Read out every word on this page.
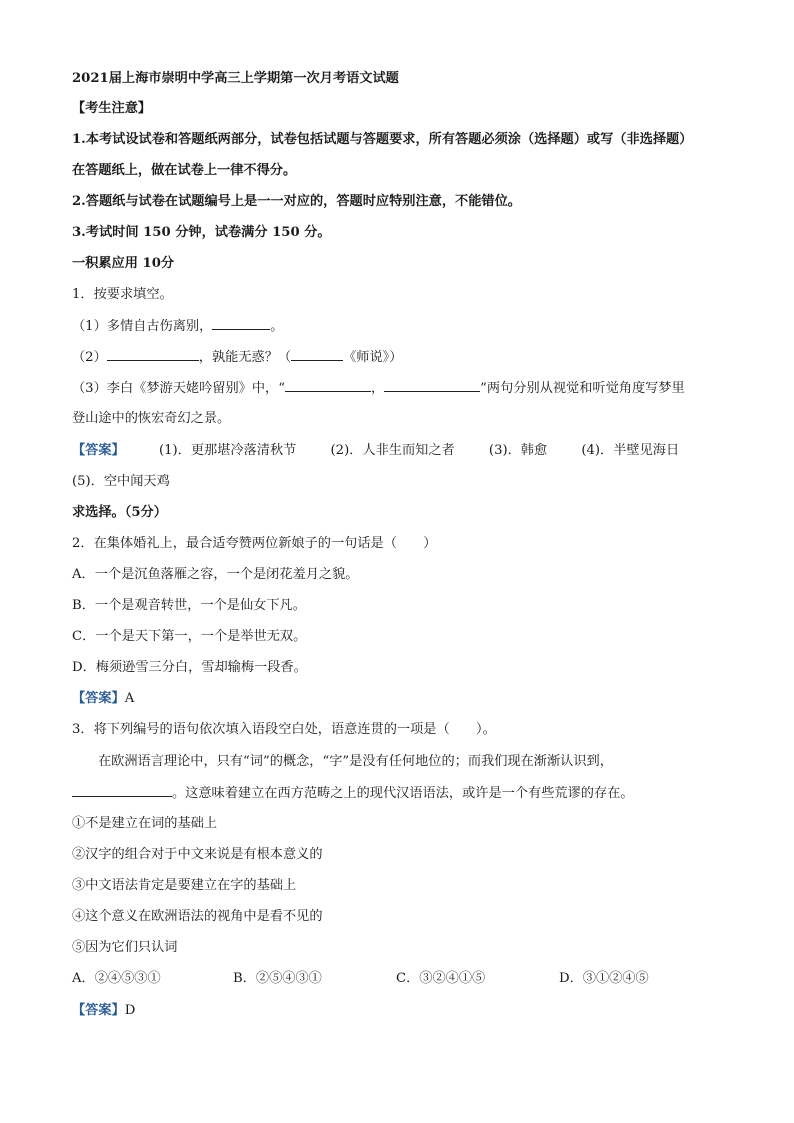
2021届上海市崇明中学高三上学期第一次月考语文试题
【考生注意】
1.本考试设试卷和答题纸两部分，试卷包括试题与答题要求，所有答题必须涂（选择题）或写（非选择题）
在答题纸上，做在试卷上一律不得分。
2.答题纸与试卷在试题编号上是一一对应的，答题时应特别注意，不能错位。
3.考试时间 150 分钟，试卷满分 150 分。
一积累应用 10分
1．按要求填空。
（1）多情自古伤离别，	。
（2）	，孰能无惑？（	《师说》）
（3）李白《梦游天姥吟留别》中，“	，	”两句分别从视觉和听觉角度写梦里
登山途中的恢宏奇幻之景。
【答案】	(1)．更那堪冷落清秋节	(2)．人非生而知之者	(3)．韩愈	(4)．半壁见海日
(5)．空中闻天鸡
求选择。（5分）
2．在集体婚礼上，最合适夸赞两位新娘子的一句话是（　　）
A．一个是沉鱼落雁之容，一个是闭花羞月之貌。
B．一个是观音转世，一个是仙女下凡。
C．一个是天下第一，一个是举世无双。
D．梅须逊雪三分白，雪却输梅一段香。
【答案】A
3．将下列编号的语句依次填入语段空白处，语意连贯的一项是（　　）。
在欧洲语言理论中，只有“词”的概念，“字”是没有任何地位的；而我们现在渐渐认识到，
。这意味着建立在西方范畴之上的现代汉语语法，或许是一个有些荒谬的存在。
①不是建立在词的基础上
②汉字的组合对于中文来说是有根本意义的
③中文语法肯定是要建立在字的基础上
④这个意义在欧洲语法的视角中是看不见的
⑤因为它们只认词
A．②④⑤③①	B．②⑤④③①	C．③②④①⑤	D．③①②④⑤
【答案】D
